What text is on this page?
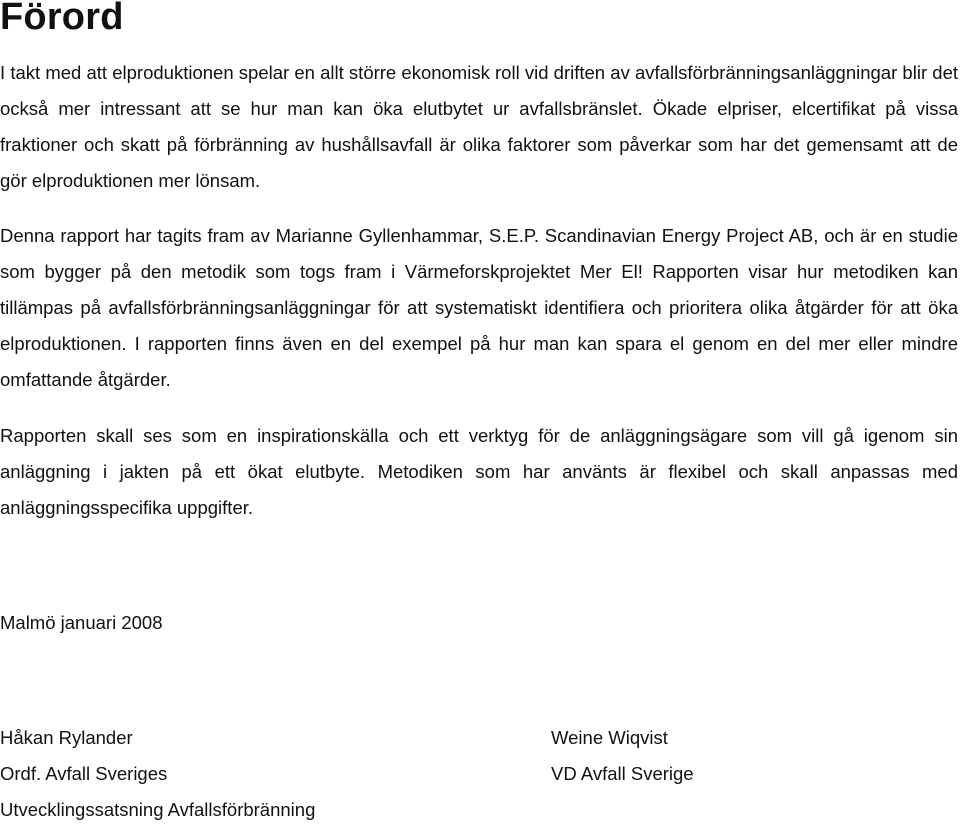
Förord

I takt med att elproduktionen spelar en allt större ekonomisk roll vid driften av avfallsförbränningsanläggningar blir det också mer intressant att se hur man kan öka elutbytet ur avfallsbränslet. Ökade elpriser, elcertifikat på vissa fraktioner och skatt på förbränning av hushållsavfall är olika faktorer som påverkar som har det gemensamt att de gör elproduktionen mer lönsam.

Denna rapport har tagits fram av Marianne Gyllenhammar, S.E.P. Scandinavian Energy Project AB, och är en studie som bygger på den metodik som togs fram i Värmeforskprojektet Mer El! Rapporten visar hur metodiken kan tillämpas på avfallsförbränningsanläggningar för att systematiskt identifiera och prioritera olika åtgärder för att öka elproduktionen. I rapporten finns även en del exempel på hur man kan spara el genom en del mer eller mindre omfattande åtgärder.

Rapporten skall ses som en inspirationskälla och ett verktyg för de anläggningsägare som vill gå igenom sin anläggning i jakten på ett ökat elutbyte. Metodiken som har använts är flexibel och skall anpassas med anläggningsspecifika uppgifter.

Malmö januari 2008

Håkan Rylander
Ordf. Avfall Sveriges
Utvecklingssatsning Avfallsförbränning
Weine Wiqvist
VD Avfall Sverige
